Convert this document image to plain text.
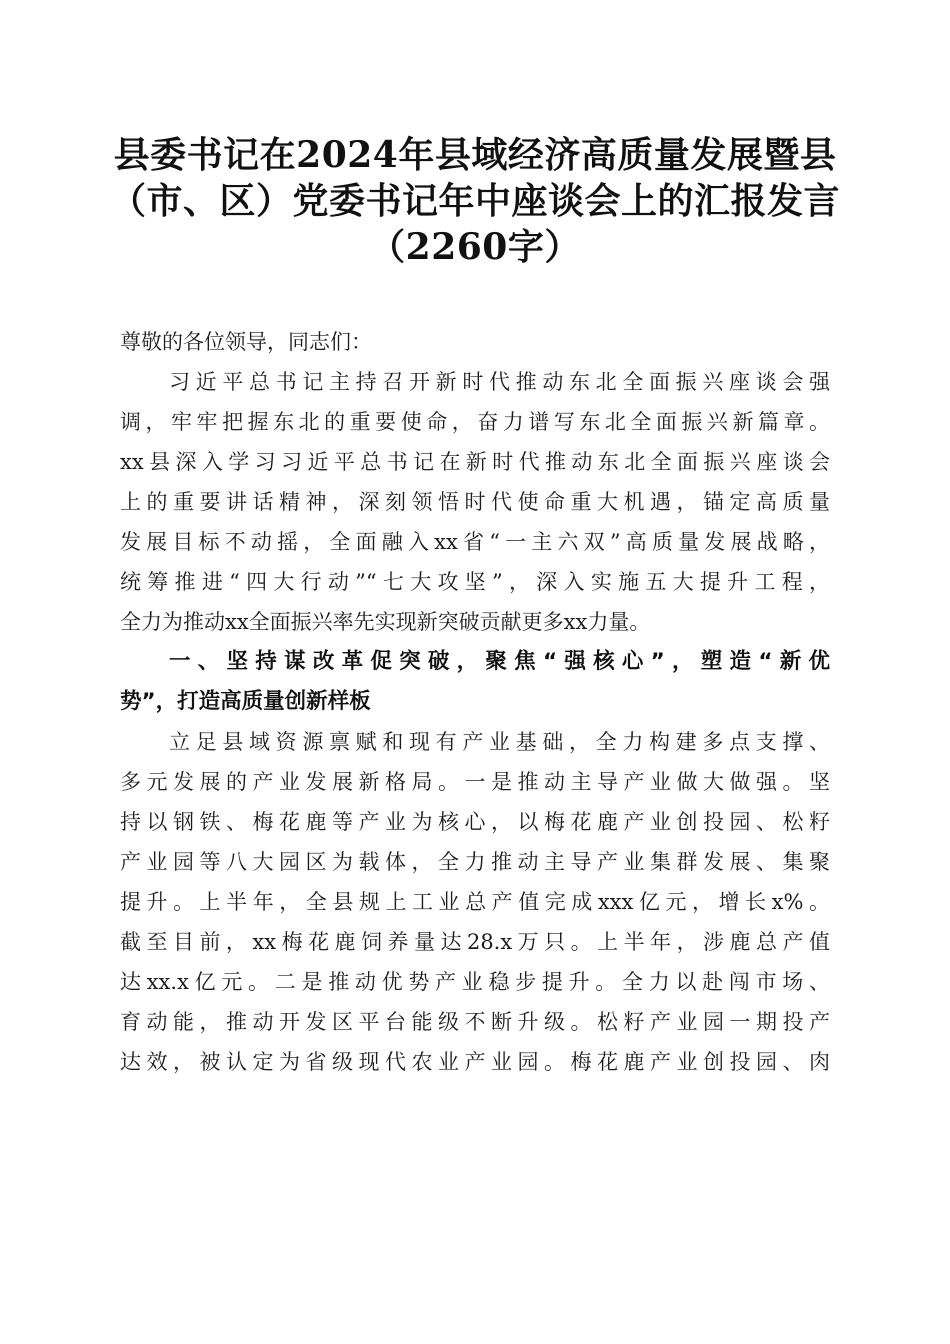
县委书记在2024年县域经济高质量发展暨县
（市、区）党委书记年中座谈会上的汇报发言
（2260字）
尊敬的各位领导，同志们：
习近平总书记主持召开新时代推动东北全面振兴座谈会强
调，牢牢把握东北的重要使命，奋力谱写东北全面振兴新篇章。
xx县深入学习习近平总书记在新时代推动东北全面振兴座谈会
上的重要讲话精神，深刻领悟时代使命重大机遇，锚定高质量
发展目标不动摇，全面融入xx省“一主六双”高质量发展战略，
统筹推进“四大行动”“七大攻坚”，深入实施五大提升工程，
全力为推动xx全面振兴率先实现新突破贡献更多xx力量。
一、坚持谋改革促突破，聚焦“强核心”，塑造“新优
势”，打造高质量创新样板
立足县域资源禀赋和现有产业基础，全力构建多点支撑、
多元发展的产业发展新格局。一是推动主导产业做大做强。坚
持以钢铁、梅花鹿等产业为核心，以梅花鹿产业创投园、松籽
产业园等八大园区为载体，全力推动主导产业集群发展、集聚
提升。上半年，全县规上工业总产值完成xxx亿元，增长x%。
截至目前，xx梅花鹿饲养量达28.x万只。上半年，涉鹿总产值
达xx.x亿元。二是推动优势产业稳步提升。全力以赴闯市场、
育动能，推动开发区平台能级不断升级。松籽产业园一期投产
达效，被认定为省级现代农业产业园。梅花鹿产业创投园、肉
